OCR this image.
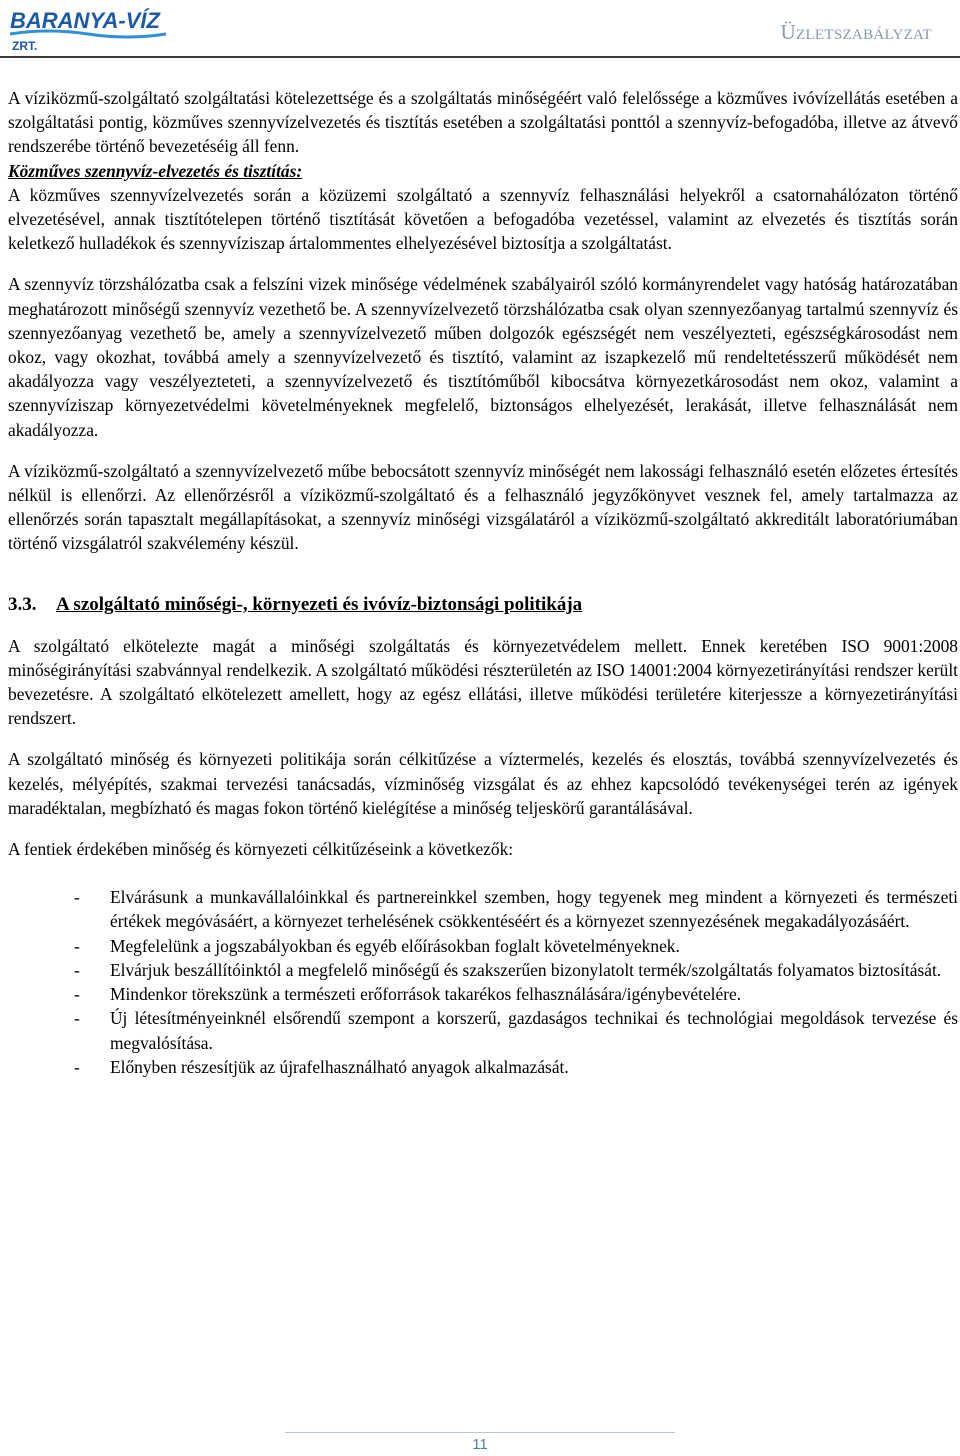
BARANYA-VÍZ
ZRT.
Üzletszabályzat

A víziközmű-szolgáltató szolgáltatási kötelezettsége és a szolgáltatás minőségéért való felelőssége a közműves ivóvízellátás esetében a szolgáltatási pontig, közműves szennyvízelvezetés és tisztítás esetében a szolgáltatási ponttól a szennyvíz-befogadóba, illetve az átvevő rendszerébe történő bevezetéséig áll fenn.

Közműves szennyvíz-elvezetés és tisztítás:

A közműves szennyvízelvezetés során a közüzemi szolgáltató a szennyvíz felhasználási helyekről a csatornahálózaton történő elvezetésével, annak tisztítótelepen történő tisztítását követően a befogadóba vezetéssel, valamint az elvezetés és tisztítás során keletkező hulladékok és szennyvíziszap ártalommentes elhelyezésével biztosítja a szolgáltatást.

A szennyvíz törzshálózatba csak a felszíni vizek minősége védelmének szabályairól szóló kormányrendelet vagy hatóság határozatában meghatározott minőségű szennyvíz vezethető be. A szennyvízelvezető törzshálózatba csak olyan szennyezőanyag tartalmú szennyvíz és szennyezőanyag vezethető be, amely a szennyvízelvezető műben dolgozók egészségét nem veszélyezteti, egészségkárosodást nem okoz, vagy okozhat, továbbá amely a szennyvízelvezető és tisztító, valamint az iszapkezelő mű rendeltetésszerű működését nem akadályozza vagy veszélyezteteti, a szennyvízelvezető és tisztítóműből kibocsátva környezetkárosodást nem okoz, valamint a szennyvíziszap környezetvédelmi követelményeknek megfelelő, biztonságos elhelyezését, lerakását, illetve felhasználását nem akadályozza.

A víziközmű-szolgáltató a szennyvízelvezető műbe bebocsátott szennyvíz minőségét nem lakossági felhasználó esetén előzetes értesítés nélkül is ellenőrzi. Az ellenőrzésről a víziközmű-szolgáltató és a felhasználó jegyzőkönyvet vesznek fel, amely tartalmazza az ellenőrzés során tapasztalt megállapításokat, a szennyvíz minőségi vizsgálatáról a víziközmű-szolgáltató akkreditált laboratóriumában történő vizsgálatról szakvélemény készül.

3.3. A szolgáltató minőségi-, környezeti és ivóvíz-biztonsági politikája

A szolgáltató elkötelezte magát a minőségi szolgáltatás és környezetvédelem mellett. Ennek keretében ISO 9001:2008 minőségirányítási szabvánnyal rendelkezik. A szolgáltató működési részterületén az ISO 14001:2004 környezetirányítási rendszer került bevezetésre. A szolgáltató elkötelezett amellett, hogy az egész ellátási, illetve működési területére kiterjessze a környezetirányítási rendszert.

A szolgáltató minőség és környezeti politikája során célkitűzése a víztermelés, kezelés és elosztás, továbbá szennyvízelvezetés és kezelés, mélyépítés, szakmai tervezési tanácsadás, vízminőség vizsgálat és az ehhez kapcsolódó tevékenységei terén az igények maradéktalan, megbízható és magas fokon történő kielégítése a minőség teljeskörű garantálásával.

A fentiek érdekében minőség és környezeti célkitűzéseink a következők:

- Elvárásunk a munkavállalóinkkal és partnereinkkel szemben, hogy tegyenek meg mindent a környezeti és természeti értékek megóvásáért, a környezet terhelésének csökkentéséért és a környezet szennyezésének megakadályozásáért.
- Megfelelünk a jogszabályokban és egyéb előírásokban foglalt követelményeknek.
- Elvárjuk beszállítóinktól a megfelelő minőségű és szakszerűen bizonylatolt termék/szolgáltatás folyamatos biztosítását.
- Mindenkor törekszünk a természeti erőforrások takarékos felhasználására/igénybevételére.
- Új létesítményeinknél elsőrendű szempont a korszerű, gazdaságos technikai és technológiai megoldások tervezése és megvalósítása.
- Előnyben részesítjük az újrafelhasználható anyagok alkalmazását.
11
